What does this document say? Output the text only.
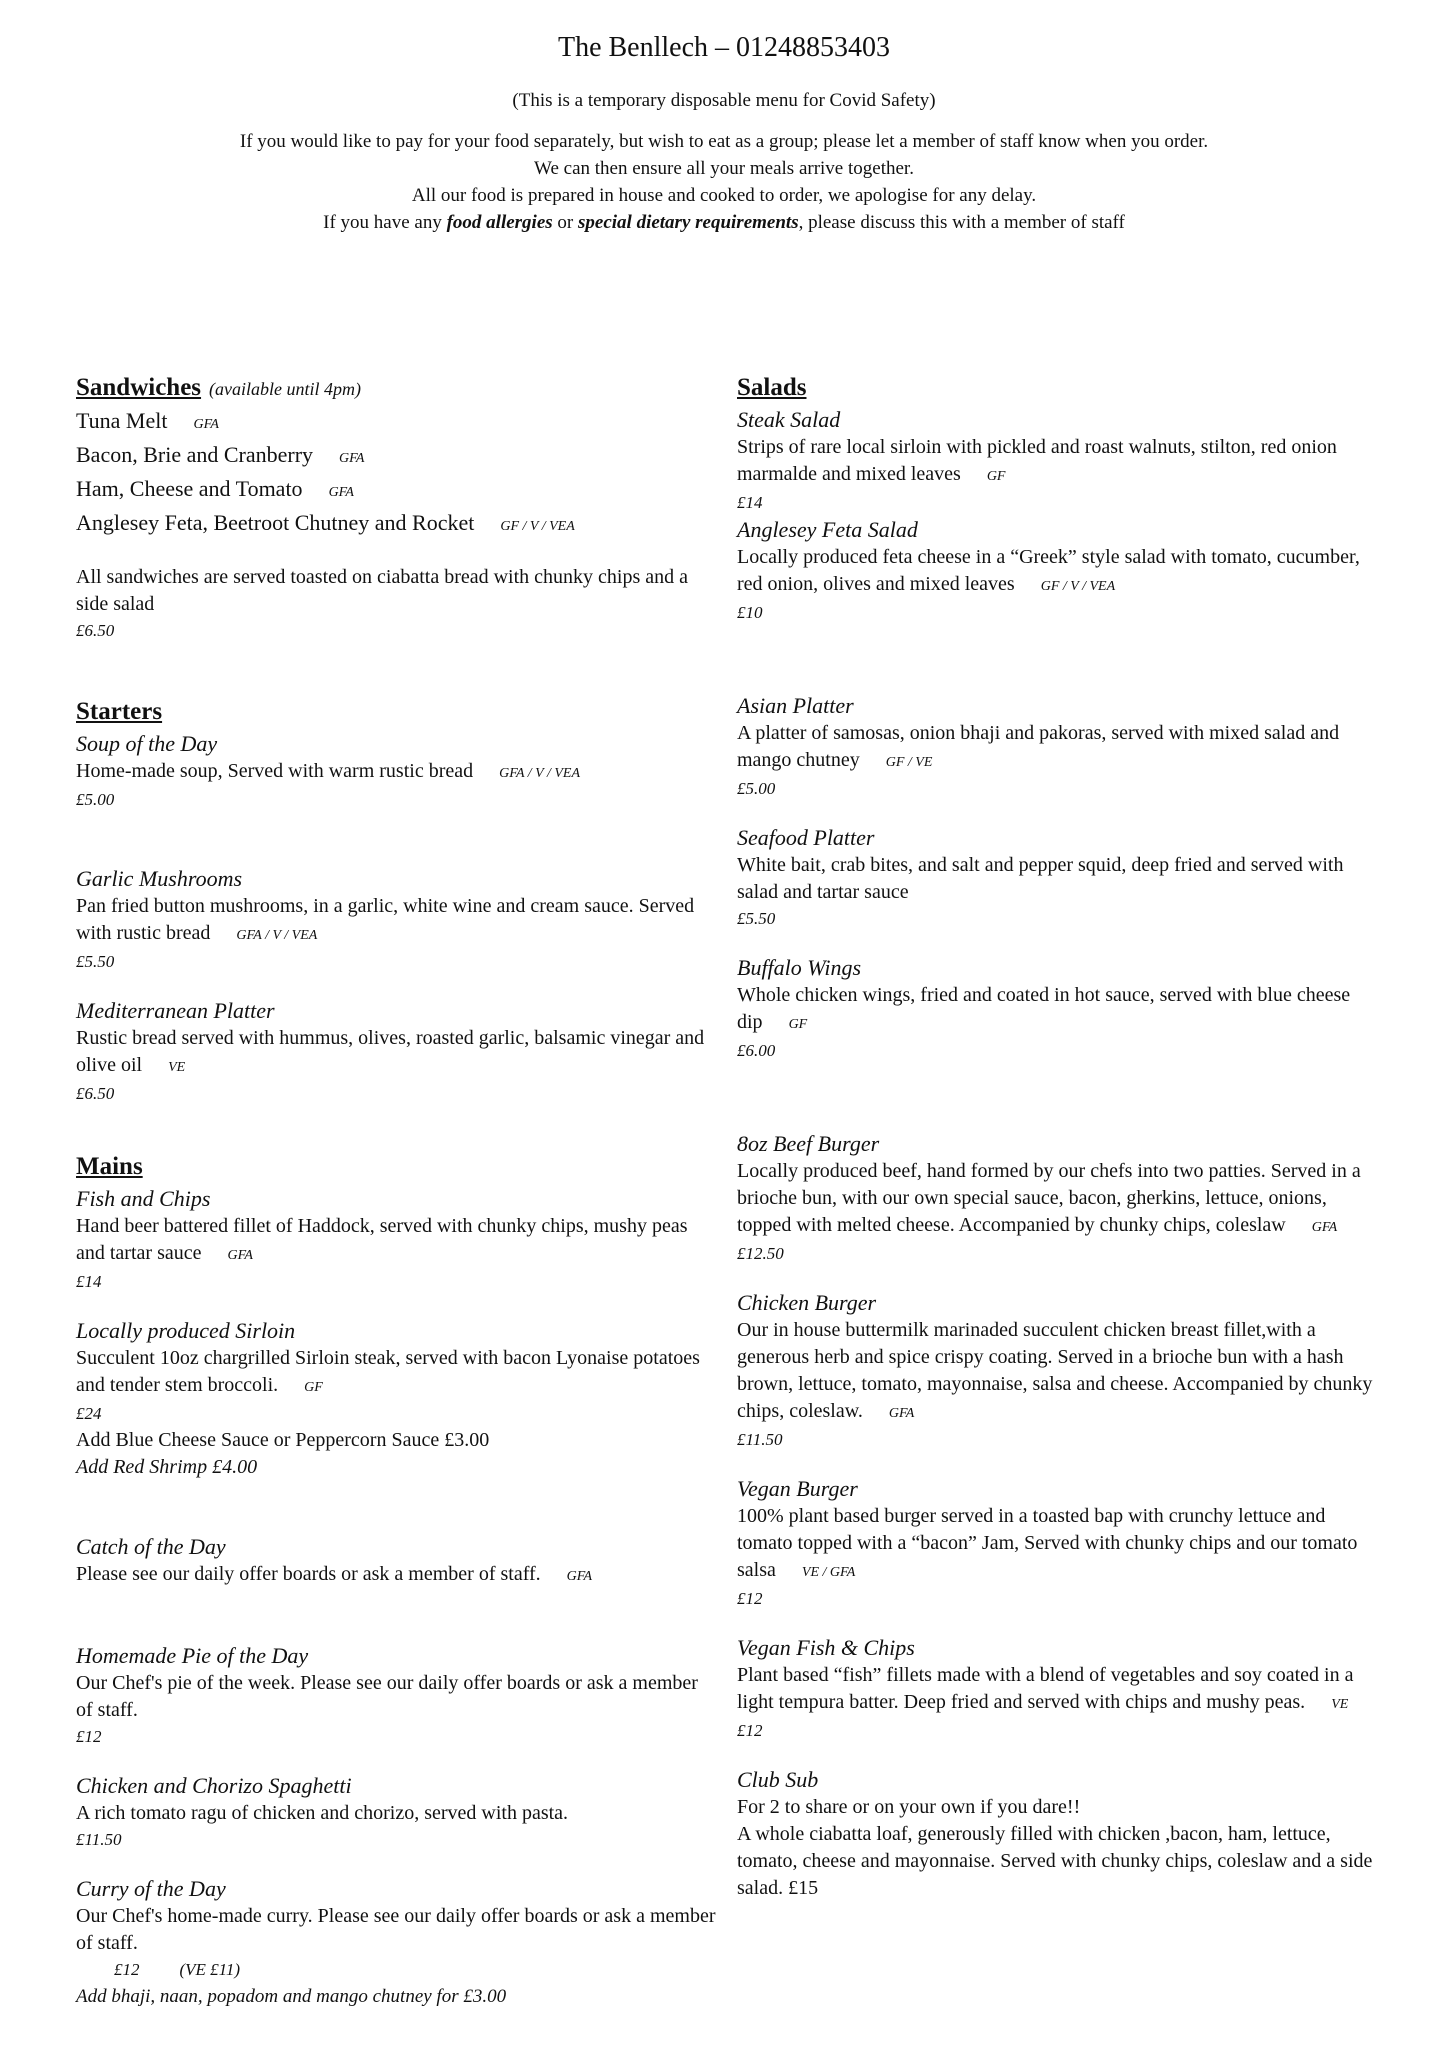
The Benllech – 01248853403
(This is a temporary disposable menu for Covid Safety)
If you would like to pay for your food separately, but wish to eat as a group; please let a member of staff know when you order.
We can then ensure all your meals arrive together.
All our food is prepared in house and cooked to order, we apologise for any delay.
If you have any food allergies or special dietary requirements, please discuss this with a member of staff
Sandwiches (available until 4pm)
Tuna Melt GFA
Bacon, Brie and Cranberry GFA
Ham, Cheese and Tomato GFA
Anglesey Feta, Beetroot Chutney and Rocket GF / V / VEA
All sandwiches are served toasted on ciabatta bread with chunky chips and a side salad
£6.50
Starters
Soup of the Day
Home-made soup, Served with warm rustic bread GFA / V / VEA
£5.00
Garlic Mushrooms
Pan fried button mushrooms, in a garlic, white wine and cream sauce. Served with rustic bread GFA / V / VEA
£5.50
Mediterranean Platter
Rustic bread served with hummus, olives, roasted garlic, balsamic vinegar and olive oil VE
£6.50
Mains
Fish and Chips
Hand beer battered fillet of Haddock, served with chunky chips, mushy peas and tartar sauce GFA
£14
Locally produced Sirloin
Succulent 10oz chargrilled Sirloin steak, served with bacon Lyonaise potatoes and tender stem broccoli. GF
£24
Add Blue Cheese Sauce or Peppercorn Sauce £3.00
Add Red Shrimp £4.00
Catch of the Day
Please see our daily offer boards or ask a member of staff. GFA
Homemade Pie of the Day
Our Chef's pie of the week. Please see our daily offer boards or ask a member of staff.
£12
Chicken and Chorizo Spaghetti
A rich tomato ragu of chicken and chorizo, served with pasta.
£11.50
Curry of the Day
Our Chef's home-made curry. Please see our daily offer boards or ask a member of staff.
£12 (VE £11)
Add bhaji, naan, popadom and mango chutney for £3.00
Salads
Steak Salad
Strips of rare local sirloin with pickled and roast walnuts, stilton, red onion marmalde and mixed leaves GF
£14
Anglesey Feta Salad
Locally produced feta cheese in a “Greek” style salad with tomato, cucumber, red onion, olives and mixed leaves GF / V / VEA
£10
Asian Platter
A platter of samosas, onion bhaji and pakoras, served with mixed salad and mango chutney GF / VE
£5.00
Seafood Platter
White bait, crab bites, and salt and pepper squid, deep fried and served with salad and tartar sauce
£5.50
Buffalo Wings
Whole chicken wings, fried and coated in hot sauce, served with blue cheese dip GF
£6.00
8oz Beef Burger
Locally produced beef, hand formed by our chefs into two patties. Served in a brioche bun, with our own special sauce, bacon, gherkins, lettuce, onions, topped with melted cheese. Accompanied by chunky chips, coleslaw GFA
£12.50
Chicken Burger
Our in house buttermilk marinaded succulent chicken breast fillet,with a generous herb and spice crispy coating. Served in a brioche bun with a hash brown, lettuce, tomato, mayonnaise, salsa and cheese. Accompanied by chunky chips, coleslaw. GFA
£11.50
Vegan Burger
100% plant based burger served in a toasted bap with crunchy lettuce and tomato topped with a “bacon” Jam, Served with chunky chips and our tomato salsa VE / GFA
£12
Vegan Fish & Chips
Plant based “fish” fillets made with a blend of vegetables and soy coated in a light tempura batter. Deep fried and served with chips and mushy peas. VE
£12
Club Sub
For 2 to share or on your own if you dare!!
A whole ciabatta loaf, generously filled with chicken ,bacon, ham, lettuce, tomato, cheese and mayonnaise. Served with chunky chips, coleslaw and a side salad. £15
